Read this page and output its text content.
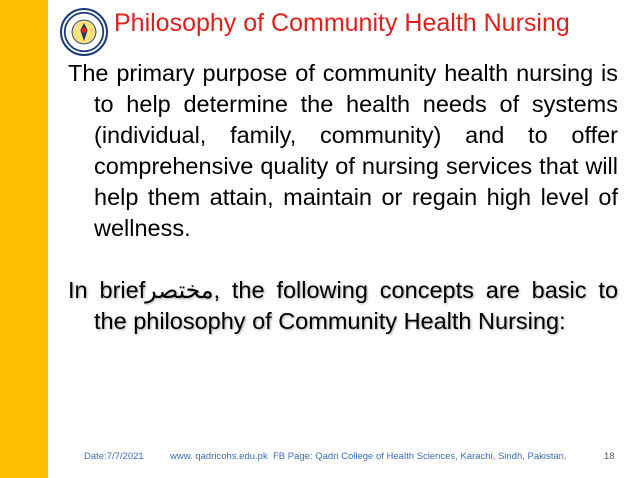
Philosophy of Community Health Nursing

The primary purpose of community health nursing is to help determine the health needs of systems (individual, family, community) and to offer comprehensive quality of nursing services that will help them attain, maintain or regain high level of wellness.

In briefمختصر, the following concepts are basic to the philosophy of Community Health Nursing:

Date:7/7/2021	www. qadricohs.edu.pk FB Page: Qadri College of Health Sciences, Karachi, Sindh, Pakistan.	18
